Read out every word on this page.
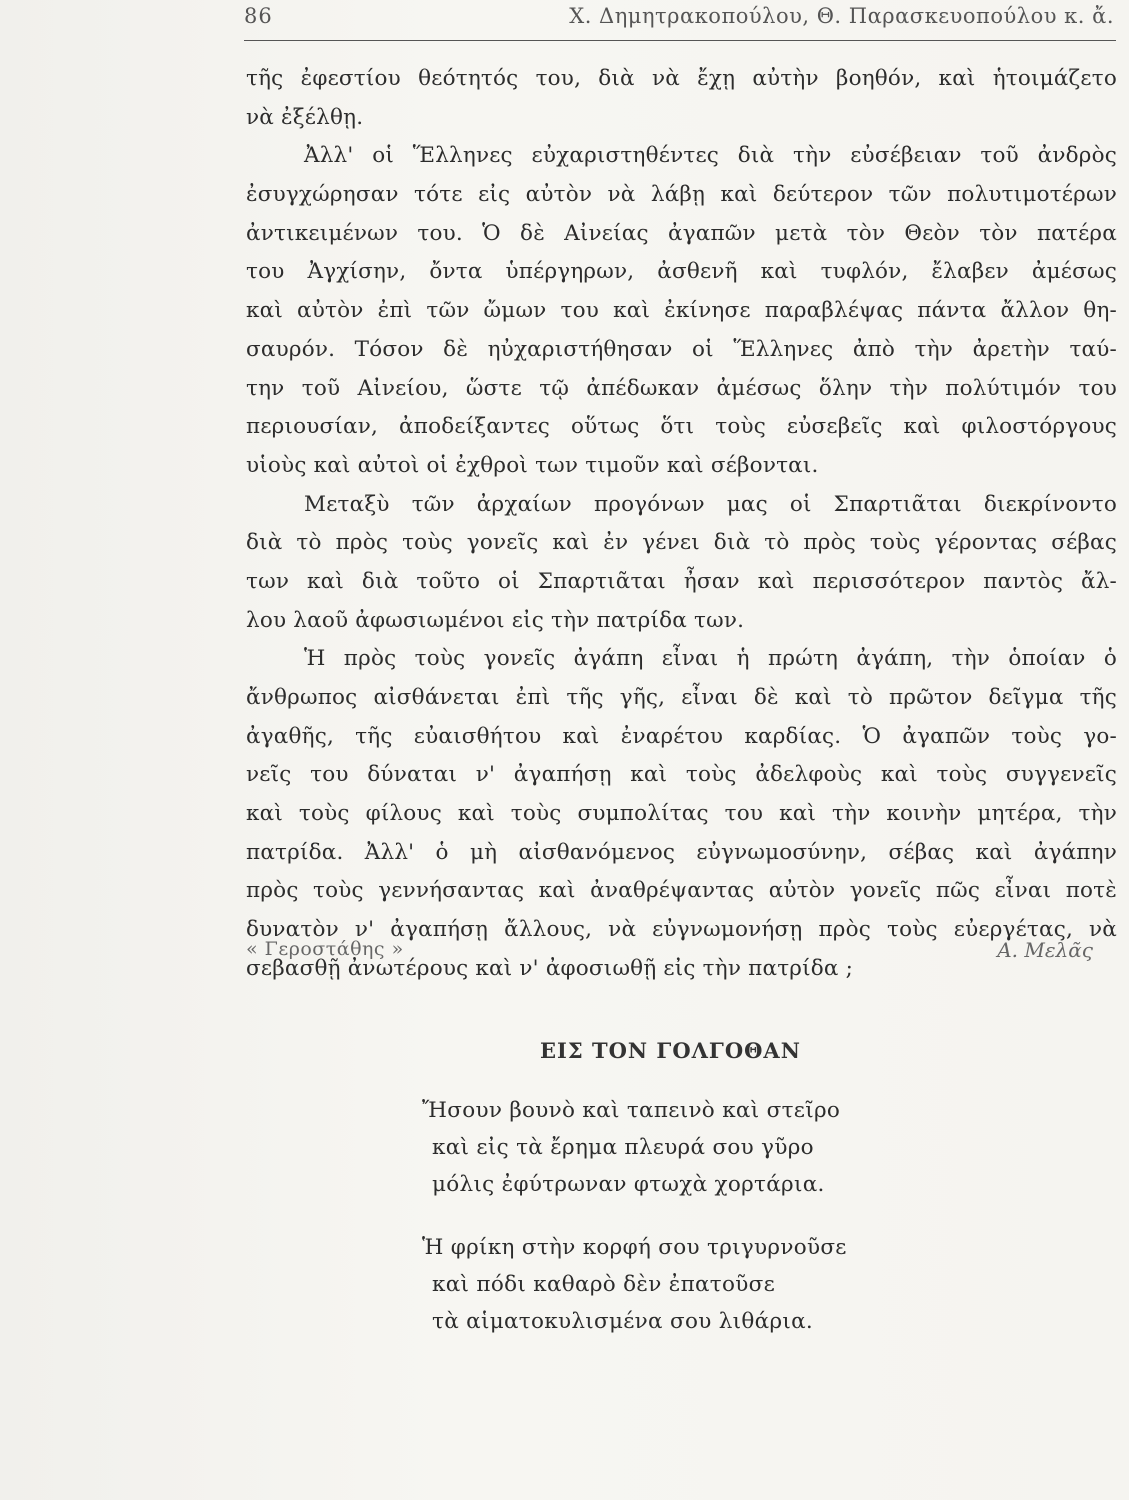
86	Χ. Δημητρακοπούλου, Θ. Παρασκευοπούλου κ. ἄ.
τῆς ἐφεστίου θεότητός του, διὰ νὰ ἔχῃ αὐτὴν βοηθόν, καὶ ἡτοιμάζετο
νὰ ἐξέλθῃ.
Ἀλλ' οἱ Ἕλληνες εὐχαριστηθέντες διὰ τὴν εὐσέβειαν τοῦ ἀνδρὸς
ἐσυγχώρησαν τότε εἰς αὐτὸν νὰ λάβῃ καὶ δεύτερον τῶν πολυτιμοτέρων
ἀντικειμένων του. Ὁ δὲ Αἰνείας ἀγαπῶν μετὰ τὸν Θεὸν τὸν πατέρα
του Ἀγχίσην, ὄντα ὑπέργηρων, ἀσθενῆ καὶ τυφλόν, ἔλαβεν ἀμέσως
καὶ αὐτὸν ἐπὶ τῶν ὤμων του καὶ ἐκίνησε παραβλέψας πάντα ἄλλον θη-
σαυρόν. Τόσον δὲ ηὐχαριστήθησαν οἱ Ἕλληνες ἀπὸ τὴν ἀρετὴν ταύ-
την τοῦ Αἰνείου, ὥστε τῷ ἀπέδωκαν ἀμέσως ὅλην τὴν πολύτιμόν του
περιουσίαν, ἀποδείξαντες οὕτως ὅτι τοὺς εὐσεβεῖς καὶ φιλοστόργους
υἱοὺς καὶ αὐτοὶ οἱ ἐχθροὶ των τιμοῦν καὶ σέβονται.
Μεταξὺ τῶν ἀρχαίων προγόνων μας οἱ Σπαρτιᾶται διεκρίνοντο
διὰ τὸ πρὸς τοὺς γονεῖς καὶ ἐν γένει διὰ τὸ πρὸς τοὺς γέροντας σέβας
των καὶ διὰ τοῦτο οἱ Σπαρτιᾶται ἦσαν καὶ περισσότερον παντὸς ἄλ-
λου λαοῦ ἀφωσιωμένοι εἰς τὴν πατρίδα των.
Ἡ πρὸς τοὺς γονεῖς ἀγάπη εἶναι ἡ πρώτη ἀγάπη, τὴν ὁποίαν ὁ
ἄνθρωπος αἰσθάνεται ἐπὶ τῆς γῆς, εἶναι δὲ καὶ τὸ πρῶτον δεῖγμα τῆς
ἀγαθῆς, τῆς εὐαισθήτου καὶ ἐναρέτου καρδίας. Ὁ ἀγαπῶν τοὺς γο-
νεῖς του δύναται ν' ἀγαπήσῃ καὶ τοὺς ἀδελφοὺς καὶ τοὺς συγγενεῖς
καὶ τοὺς φίλους καὶ τοὺς συμπολίτας του καὶ τὴν κοινὴν μητέρα, τὴν
πατρίδα. Ἀλλ' ὁ μὴ αἰσθανόμενος εὐγνωμοσύνην, σέβας καὶ ἀγάπην
πρὸς τοὺς γεννήσαντας καὶ ἀναθρέψαντας αὐτὸν γονεῖς πῶς εἶναι ποτὲ
δυνατὸν ν' ἀγαπήσῃ ἄλλους, νὰ εὐγνωμονήσῃ πρὸς τοὺς εὐεργέτας, νὰ
σεβασθῇ ἀνωτέρους καὶ ν' ἀφοσιωθῇ εἰς τὴν πατρίδα ;
« Γεροστάθης »	Α. Μελᾶς
ΕΙΣ ΤΟΝ ΓΟΛΓΟΘΑΝ
Ἤσουν βουνὸ καὶ ταπεινὸ καὶ στεῖρο
καὶ εἰς τὰ ἔρημα πλευρά σου γῦρο
μόλις ἐφύτρωναν φτωχὰ χορτάρια.
Ἡ φρίκη στὴν κορφή σου τριγυρνοῦσε
καὶ πόδι καθαρὸ δὲν ἐπατοῦσε
τὰ αἱματοκυλισμένα σου λιθάρια.
